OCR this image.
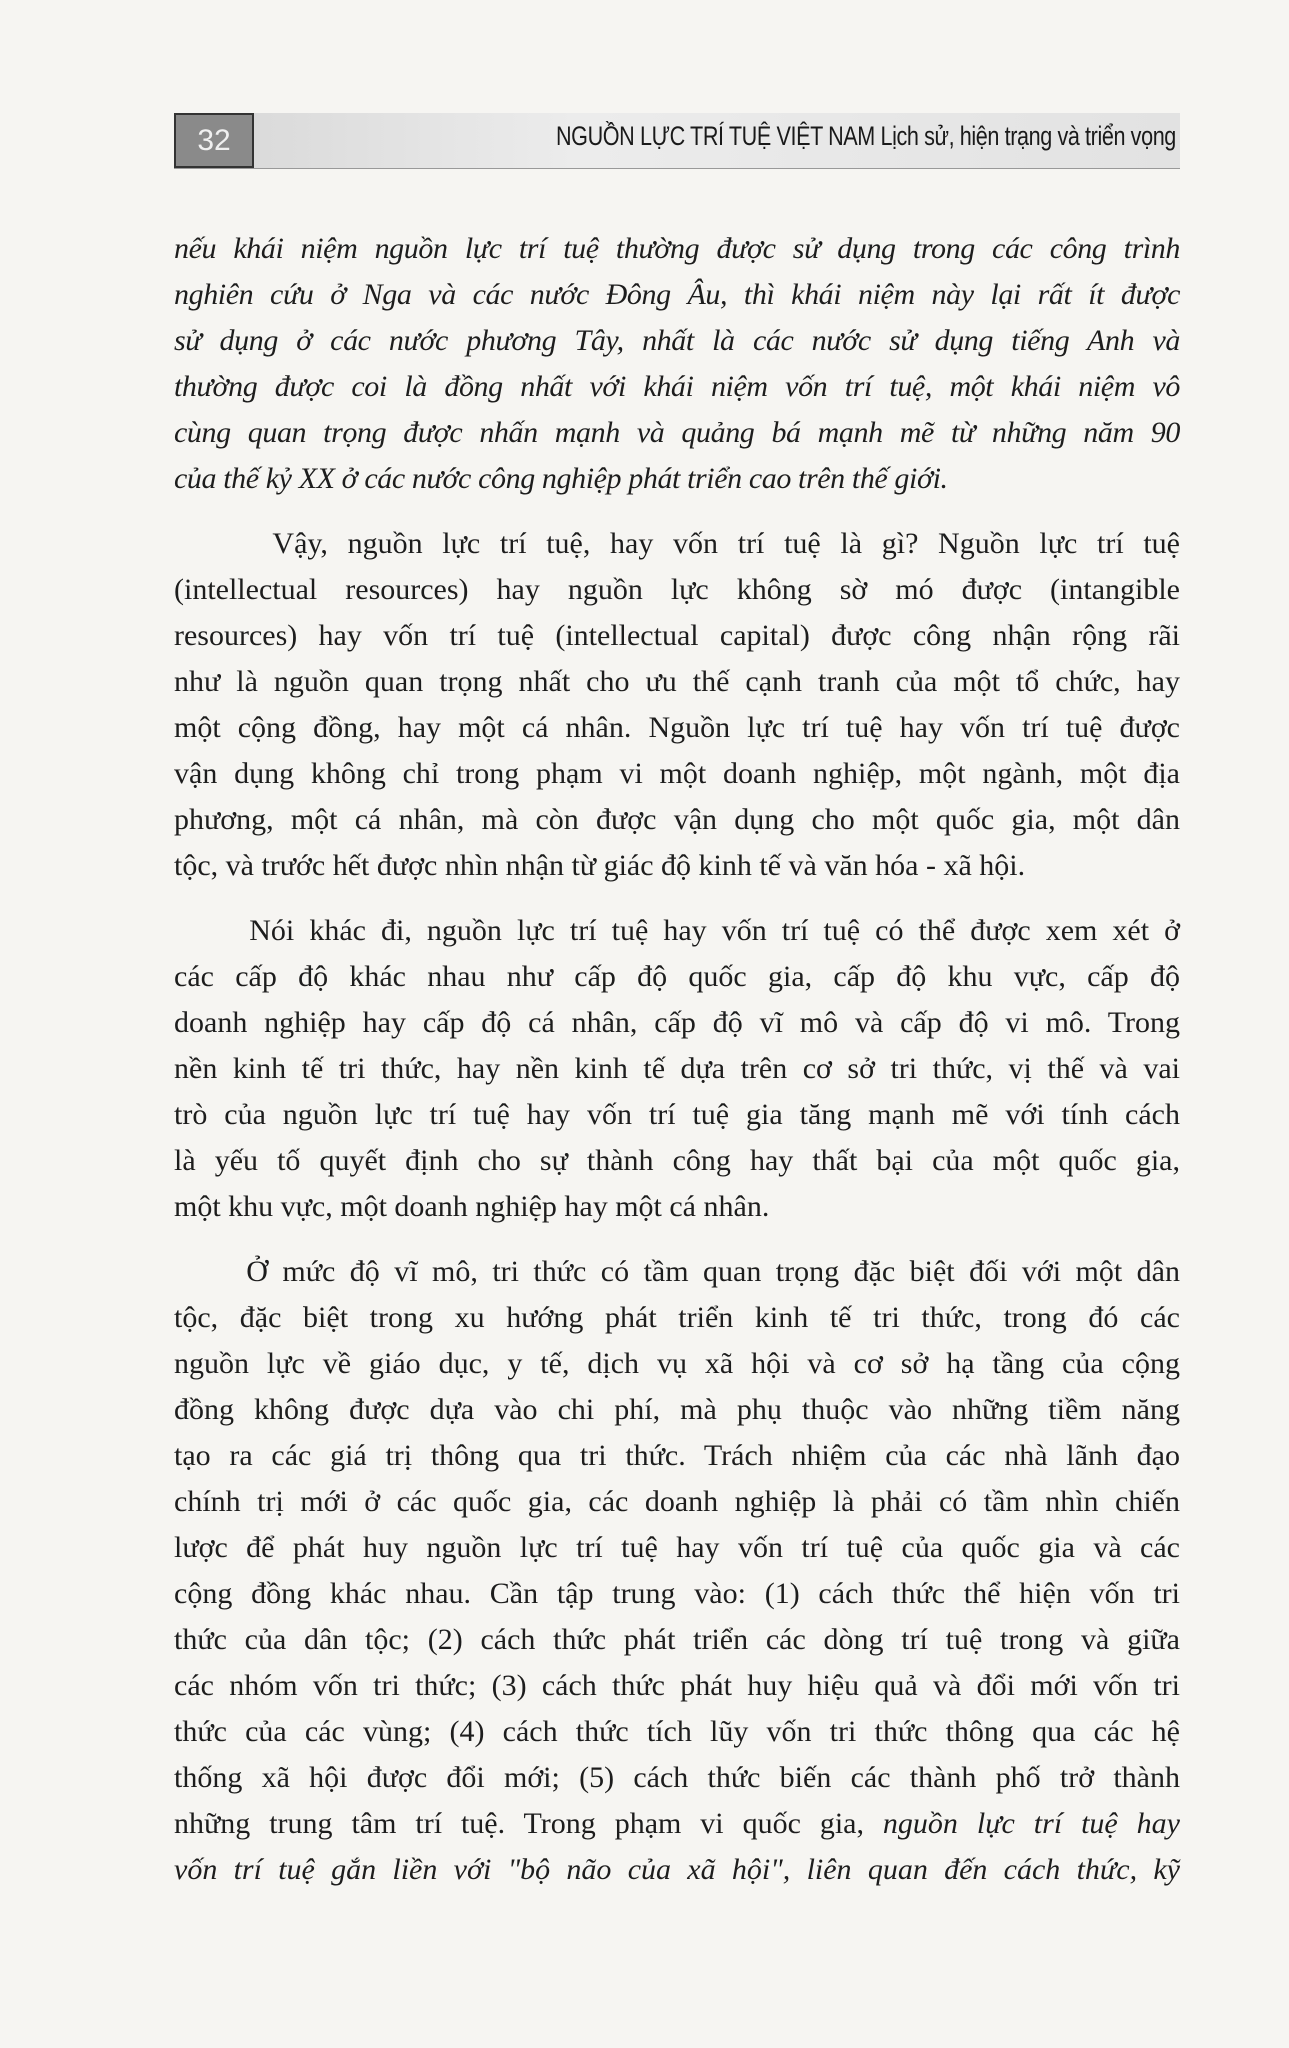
32	NGUỒN LỰC TRÍ TUỆ VIỆT NAM Lịch sử, hiện trạng và triển vọng
nếu khái niệm nguồn lực trí tuệ thường được sử dụng trong các công trình
nghiên cứu ở Nga và các nước Đông Âu, thì khái niệm này lại rất ít được
sử dụng ở các nước phương Tây, nhất là các nước sử dụng tiếng Anh và
thường được coi là đồng nhất với khái niệm vốn trí tuệ, một khái niệm vô
cùng quan trọng được nhấn mạnh và quảng bá mạnh mẽ từ những năm 90
của thế kỷ XX ở các nước công nghiệp phát triển cao trên thế giới.
Vậy, nguồn lực trí tuệ, hay vốn trí tuệ là gì? Nguồn lực trí tuệ
(intellectual resources) hay nguồn lực không sờ mó được (intangible
resources) hay vốn trí tuệ (intellectual capital) được công nhận rộng rãi
như là nguồn quan trọng nhất cho ưu thế cạnh tranh của một tổ chức, hay
một cộng đồng, hay một cá nhân. Nguồn lực trí tuệ hay vốn trí tuệ được
vận dụng không chỉ trong phạm vi một doanh nghiệp, một ngành, một địa
phương, một cá nhân, mà còn được vận dụng cho một quốc gia, một dân
tộc, và trước hết được nhìn nhận từ giác độ kinh tế và văn hóa - xã hội.
Nói khác đi, nguồn lực trí tuệ hay vốn trí tuệ có thể được xem xét ở
các cấp độ khác nhau như cấp độ quốc gia, cấp độ khu vực, cấp độ
doanh nghiệp hay cấp độ cá nhân, cấp độ vĩ mô và cấp độ vi mô. Trong
nền kinh tế tri thức, hay nền kinh tế dựa trên cơ sở tri thức, vị thế và vai
trò của nguồn lực trí tuệ hay vốn trí tuệ gia tăng mạnh mẽ với tính cách
là yếu tố quyết định cho sự thành công hay thất bại của một quốc gia,
một khu vực, một doanh nghiệp hay một cá nhân.
Ở mức độ vĩ mô, tri thức có tầm quan trọng đặc biệt đối với một dân
tộc, đặc biệt trong xu hướng phát triển kinh tế tri thức, trong đó các
nguồn lực về giáo dục, y tế, dịch vụ xã hội và cơ sở hạ tầng của cộng
đồng không được dựa vào chi phí, mà phụ thuộc vào những tiềm năng
tạo ra các giá trị thông qua tri thức. Trách nhiệm của các nhà lãnh đạo
chính trị mới ở các quốc gia, các doanh nghiệp là phải có tầm nhìn chiến
lược để phát huy nguồn lực trí tuệ hay vốn trí tuệ của quốc gia và các
cộng đồng khác nhau. Cần tập trung vào: (1) cách thức thể hiện vốn tri
thức của dân tộc; (2) cách thức phát triển các dòng trí tuệ trong và giữa
các nhóm vốn tri thức; (3) cách thức phát huy hiệu quả và đổi mới vốn tri
thức của các vùng; (4) cách thức tích lũy vốn tri thức thông qua các hệ
thống xã hội được đổi mới; (5) cách thức biến các thành phố trở thành
những trung tâm trí tuệ. Trong phạm vi quốc gia, nguồn lực trí tuệ hay
vốn trí tuệ gắn liền với "bộ não của xã hội", liên quan đến cách thức, kỹ
